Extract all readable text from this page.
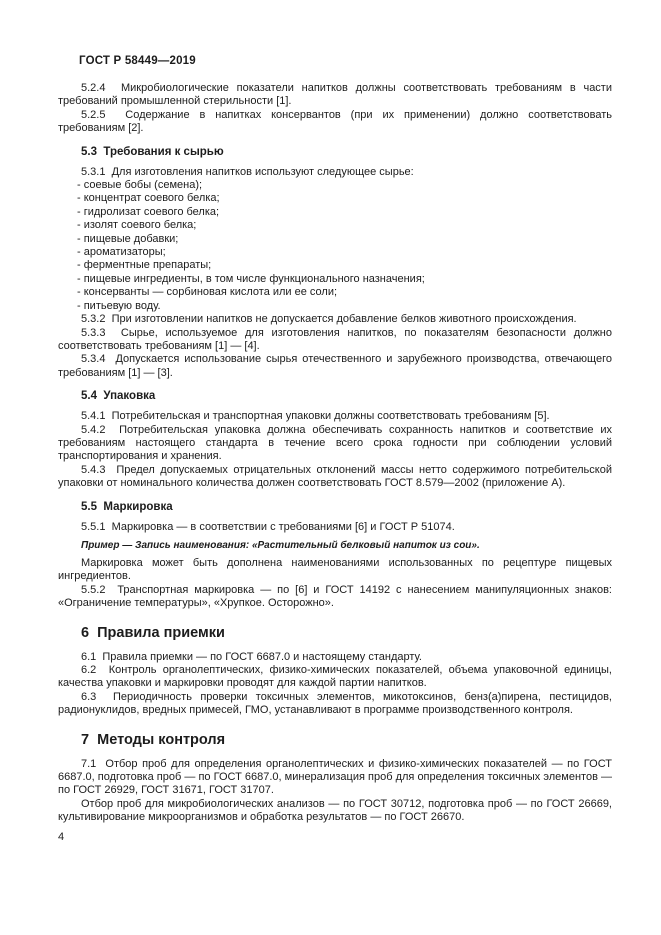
ГОСТ Р 58449—2019

5.2.4  Микробиологические показатели напитков должны соответствовать требованиям в части требований промышленной стерильности [1].

5.2.5  Содержание в напитках консервантов (при их применении) должно соответствовать требованиям [2].

5.3  Требования к сырью

5.3.1  Для изготовления напитков используют следующее сырье:

- соевые бобы (семена);
- концентрат соевого белка;
- гидролизат соевого белка;
- изолят соевого белка;
- пищевые добавки;
- ароматизаторы;
- ферментные препараты;
- пищевые ингредиенты, в том числе функционального назначения;
- консерванты — сорбиновая кислота или ее соли;
- питьевую воду.

5.3.2  При изготовлении напитков не допускается добавление белков животного происхождения.

5.3.3  Сырье, используемое для изготовления напитков, по показателям безопасности должно соответствовать требованиям [1] — [4].

5.3.4  Допускается использование сырья отечественного и зарубежного производства, отвечающего требованиям [1] — [3].

5.4  Упаковка

5.4.1  Потребительская и транспортная упаковки должны соответствовать требованиям [5].

5.4.2  Потребительская упаковка должна обеспечивать сохранность напитков и соответствие их требованиям настоящего стандарта в течение всего срока годности при соблюдении условий транспортирования и хранения.

5.4.3  Предел допускаемых отрицательных отклонений массы нетто содержимого потребительской упаковки от номинального количества должен соответствовать ГОСТ 8.579—2002 (приложение А).

5.5  Маркировка

5.5.1  Маркировка — в соответствии с требованиями [6] и ГОСТ Р 51074.

Пример — Запись наименования: «Растительный белковый напиток из сои».

Маркировка может быть дополнена наименованиями использованных по рецептуре пищевых ингредиентов.

5.5.2  Транспортная маркировка — по [6] и ГОСТ 14192 с нанесением манипуляционных знаков: «Ограничение температуры», «Хрупкое. Осторожно».

6  Правила приемки

6.1  Правила приемки — по ГОСТ 6687.0 и настоящему стандарту.

6.2  Контроль органолептических, физико-химических показателей, объема упаковочной единицы, качества упаковки и маркировки проводят для каждой партии напитков.

6.3  Периодичность проверки токсичных элементов, микотоксинов, бенз(а)пирена, пестицидов, радионуклидов, вредных примесей, ГМО, устанавливают в программе производственного контроля.

7  Методы контроля

7.1  Отбор проб для определения органолептических и физико-химических показателей — по ГОСТ 6687.0, подготовка проб — по ГОСТ 6687.0, минерализация проб для определения токсичных элементов — по ГОСТ 26929, ГОСТ 31671, ГОСТ 31707.

Отбор проб для микробиологических анализов — по ГОСТ 30712, подготовка проб — по ГОСТ 26669, культивирование микроорганизмов и обработка результатов — по ГОСТ 26670.

4
